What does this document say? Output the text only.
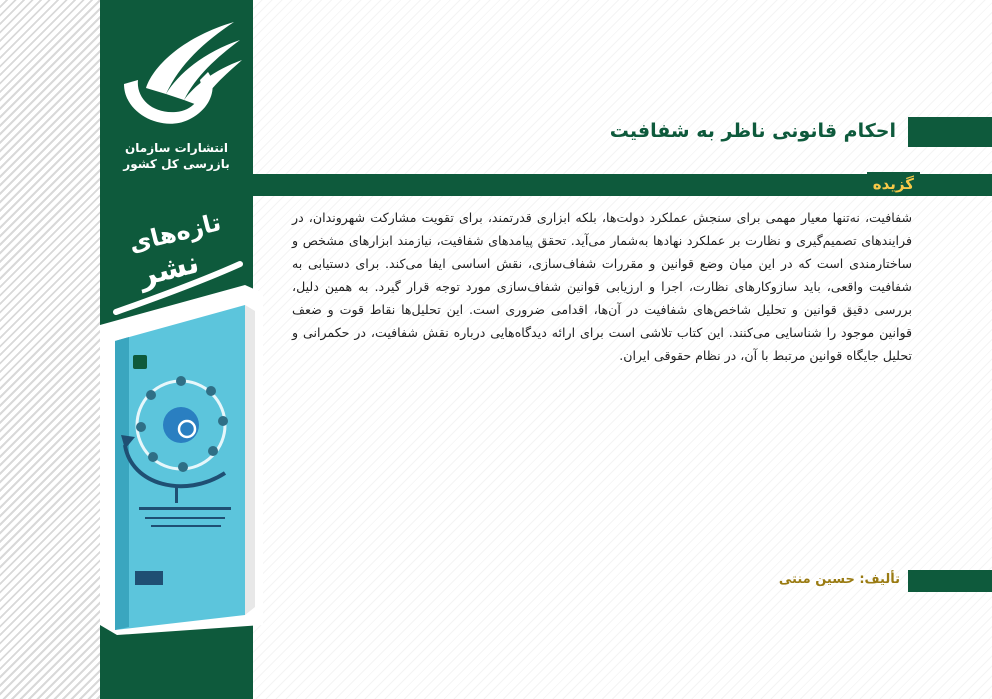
انتشارات سازمان
بازرسی کل کشور
تازه‌های
نشر
احکام قانونی ناظر به شفافیت
گزیده
شفافیت، نه‌تنها معیار مهمی برای سنجش عملکرد دولت‌ها، بلکه ابزاری قدرتمند، برای تقویت مشارکت شهروندان، در فرایندهای تصمیم‌گیری و نظارت بر عملکرد نهادها به‌شمار می‌آید. تحقق پیامدهای شفافیت، نیازمند ابزارهای مشخص و ساختارمندی است که در این میان وضع قوانین و مقررات شفاف‌سازی، نقش اساسی ایفا می‌کند. برای دستیابی به شفافیت واقعی، باید سازوکارهای نظارت، اجرا و ارزیابی قوانین شفاف‌سازی مورد توجه قرار گیرد. به همین دلیل، بررسی دقیق قوانین و تحلیل شاخص‌های شفافیت در آن‌ها، اقدامی ضروری است. این تحلیل‌ها نقاط قوت و ضعف قوانین موجود را شناسایی می‌کنند. این کتاب تلاشی است برای ارائه دیدگاه‌هایی درباره نقش شفافیت، در حکمرانی و تحلیل جایگاه قوانین مرتبط با آن، در نظام حقوقی ایران.
تألیف: حسین منتی
